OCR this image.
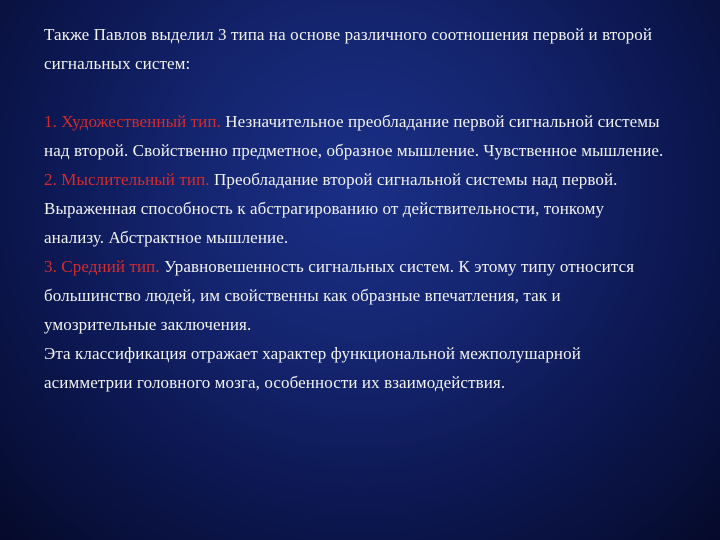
Также Павлов выделил 3 типа на основе различного соотношения первой и второй сигнальных систем:

1. Художественный тип. Незначительное преобладание первой сигнальной системы над второй. Свойственно предметное, образное мышление. Чувственное мышление.

2. Мыслительный тип. Преобладание второй сигнальной системы над первой. Выраженная способность к абстрагированию от действительности, тонкому анализу. Абстрактное мышление.

3. Средний тип. Уравновешенность сигнальных систем. К этому типу относится большинство людей, им свойственны как образные впечатления, так и умозрительные заключения.

Эта классификация отражает характер функциональной межполушарной асимметрии головного мозга, особенности их взаимодействия.
